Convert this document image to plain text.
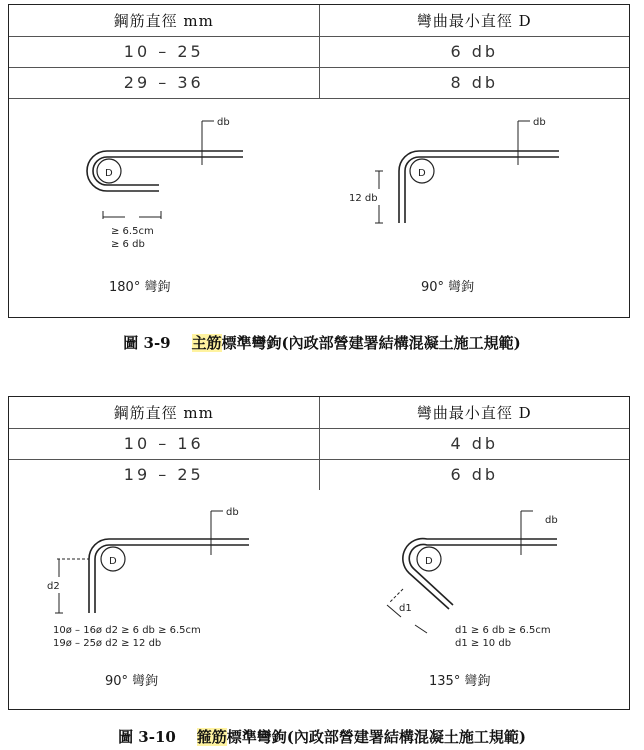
鋼筋直徑 mm	彎曲最小直徑 D
10 – 25	6 db
29 – 36	8 db
D
db
≥ 6.5cm
≥ 6 db
180° 彎鉤
D
db
12 db
90° 彎鉤
圖 3-9 主筋標準彎鉤(內政部營建署結構混凝土施工規範)
鋼筋直徑 mm	彎曲最小直徑 D
10 – 16	4 db
19 – 25	6 db
D
db
d2
10ø – 16ø d2 ≥ 6 db ≥ 6.5cm
19ø – 25ø d2 ≥ 12 db
90° 彎鉤
D
db
d1
d1 ≥ 6 db ≥ 6.5cm
d1 ≥ 10 db
135° 彎鉤
圖 3-10 箍筋標準彎鉤(內政部營建署結構混凝土施工規範)
